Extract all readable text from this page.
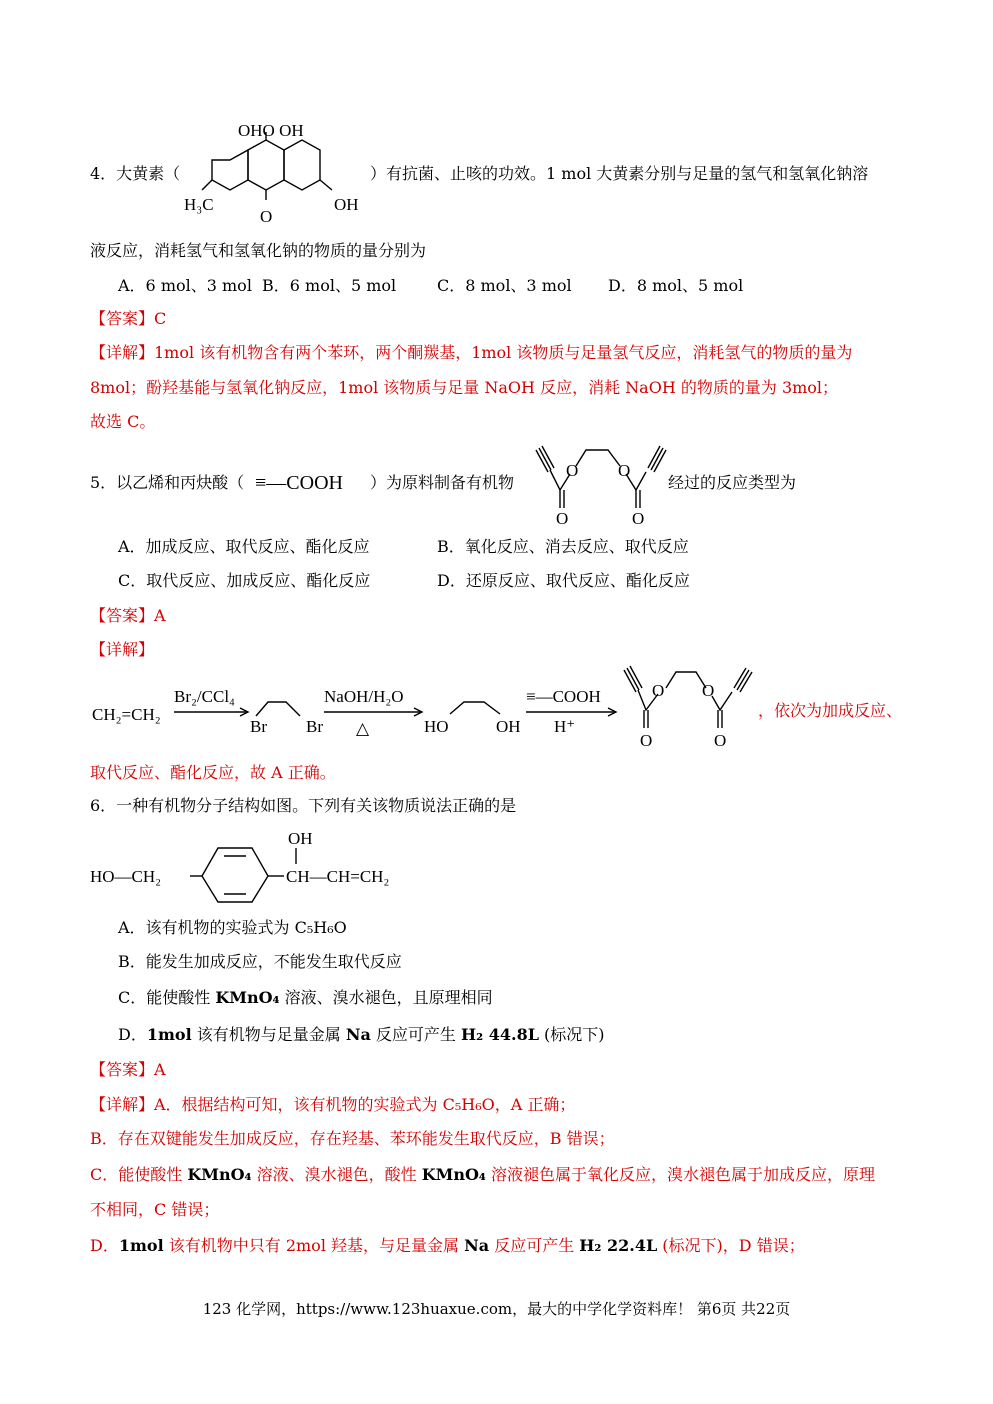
4．大黄素（
OHO OH
H₃C	OH
O
）有抗菌、止咳的功效。1 mol 大黄素分别与足量的氢气和氢氧化钠溶
液反应，消耗氢气和氢氧化钠的物质的量分别为
A．6 mol、3 mol B．6 mol、5 mol	C．8 mol、3 mol D．8 mol、5 mol
【答案】C
【详解】1mol 该有机物含有两个苯环，两个酮羰基，1mol 该物质与足量氢气反应，消耗氢气的物质的量为
8mol；酚羟基能与氢氧化钠反应，1mol 该物质与足量 NaOH 反应，消耗 NaOH 的物质的量为 3mol；
故选 C。
5．以乙烯和丙炔酸（ ≡—COOH ）为原料制备有机物
O	O
O O
经过的反应类型为
A．加成反应、取代反应、酯化反应	B．氧化反应、消去反应、取代反应
C．取代反应、加成反应、酯化反应	D．还原反应、取代反应、酯化反应
【答案】A
【详解】
CH₂=CH₂
Br₂/CCl₄
Br Br
NaOH/H₂O
△	HO	OH
≡—COOH
H⁺
O	O
O O
，依次为加成反应、
取代反应、酯化反应，故 A 正确。
6．一种有机物分子结构如图。下列有关该物质说法正确的是
HO—CH₂
OH
CH—CH=CH₂
A．该有机物的实验式为 C₅H₆O
B．能发生加成反应，不能发生取代反应
C．能使酸性 KMnO₄ 溶液、溴水褪色，且原理相同
D．1mol 该有机物与足量金属 Na 反应可产生 H₂ 44.8L (标况下)
【答案】A
【详解】A．根据结构可知，该有机物的实验式为 C₅H₆O，A 正确；
B．存在双键能发生加成反应，存在羟基、苯环能发生取代反应，B 错误；
C．能使酸性 KMnO₄ 溶液、溴水褪色，酸性 KMnO₄ 溶液褪色属于氧化反应，溴水褪色属于加成反应，原理
不相同，C 错误；
D．1mol 该有机物中只有 2mol 羟基，与足量金属 Na 反应可产生 H₂ 22.4L (标况下)，D 错误；
123 化学网，https://www.123huaxue.com，最大的中学化学资料库！ 第6页 共22页
